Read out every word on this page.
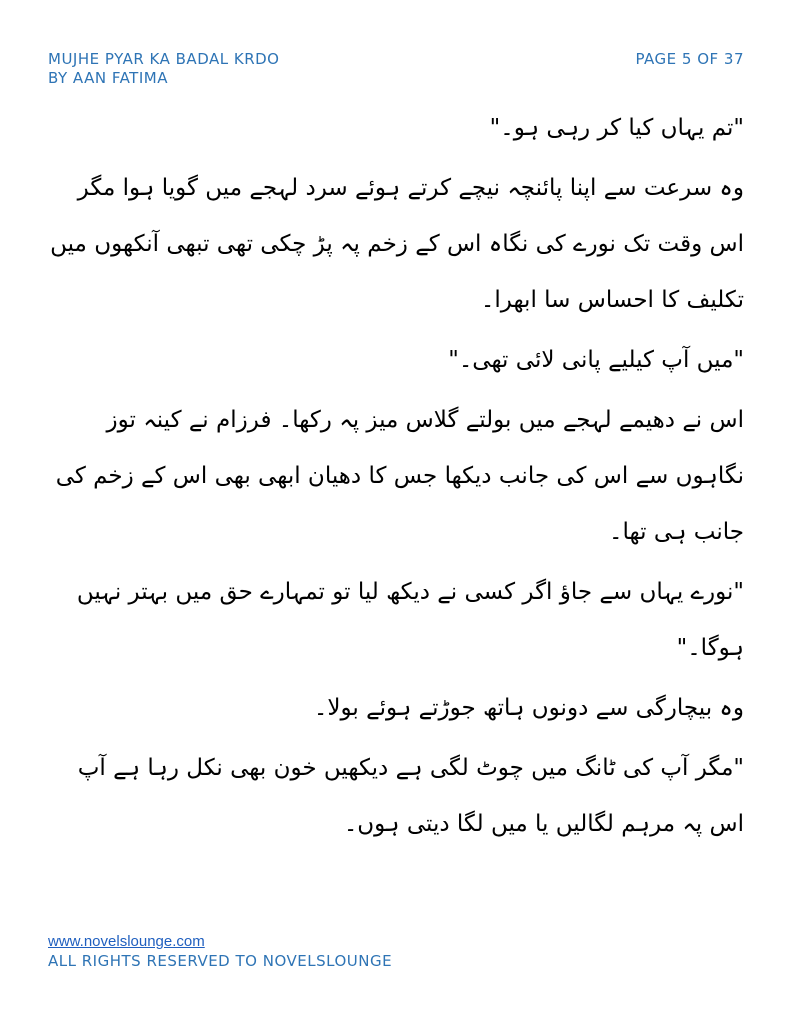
MUJHE PYAR KA BADAL KRDO
BY AAN FATIMA
PAGE 5 OF 37

"تم یہاں کیا کر رہی ہو۔"

وہ سرعت سے اپنا پائنچہ نیچے کرتے ہوئے سرد لہجے میں گویا ہوا مگر اس وقت تک نورے کی نگاہ اس کے زخم پہ پڑ چکی تھی تبھی آنکھوں میں تکلیف کا احساس سا ابھرا۔

"میں آپ کیلیے پانی لائی تھی۔"

اس نے دھیمے لہجے میں بولتے گلاس میز پہ رکھا۔ فرزام نے کینہ توز نگاہوں سے اس کی جانب دیکھا جس کا دھیان ابھی بھی اس کے زخم کی جانب ہی تھا۔

"نورے یہاں سے جاؤ اگر کسی نے دیکھ لیا تو تمہارے حق میں بہتر نہیں ہوگا۔"

وہ بیچارگی سے دونوں ہاتھ جوڑتے ہوئے بولا۔

"مگر آپ کی ٹانگ میں چوٹ لگی ہے دیکھیں خون بھی نکل رہا ہے آپ اس پہ مرہم لگالیں یا میں لگا دیتی ہوں۔

www.novelslounge.com
ALL RIGHTS RESERVED TO NOVELSLOUNGE
